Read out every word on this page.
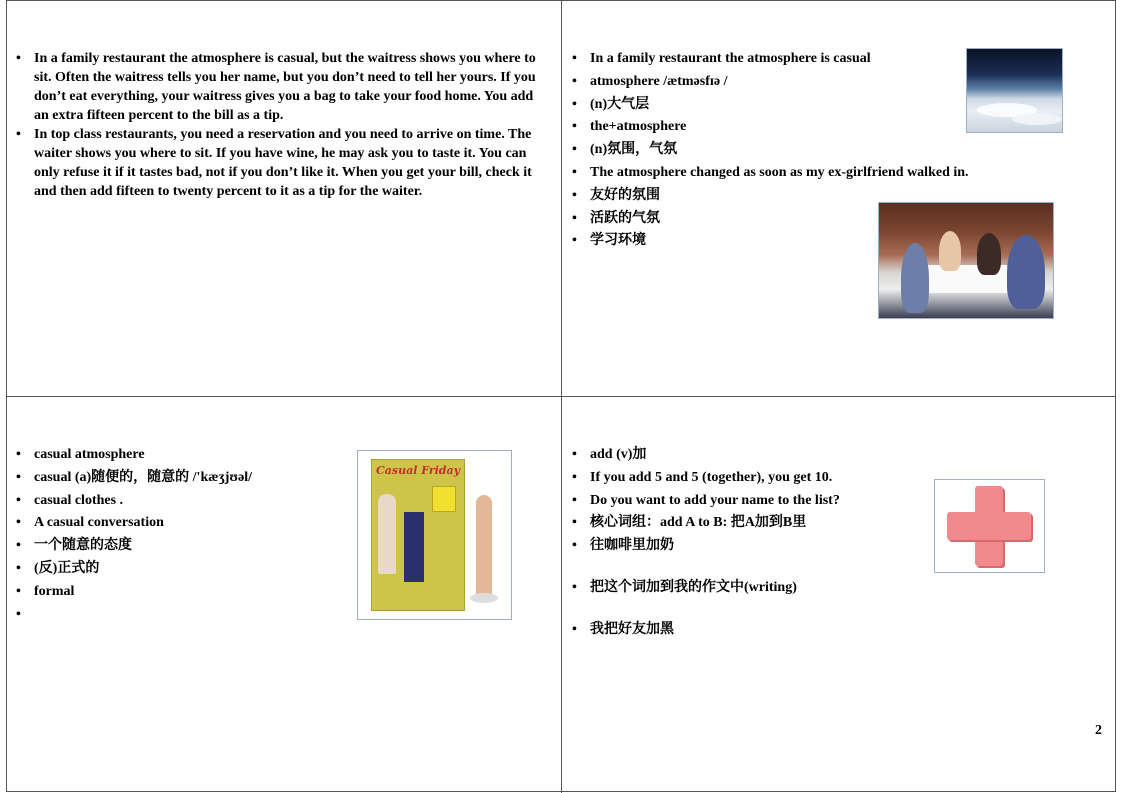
• In a family restaurant the atmosphere is casual, but the waitress shows you where to sit. Often the waitress tells you her name, but you don’t need to tell her yours. If you don’t eat everything, your waitress gives you a bag to take your food home. You add an extra fifteen percent to the bill as a tip.
• In top class restaurants, you need a reservation and you need to arrive on time. The waiter shows you where to sit. If you have wine, he may ask you to taste it. You can only refuse it if it tastes bad, not if you don’t like it. When you get your bill, check it and then add fifteen to twenty percent to it as a tip for the waiter.
• In a family restaurant the atmosphere is casual
• atmosphere /ætməsfɪə /
• (n)大气层
• the+atmosphere
• (n)氛围，气氛
• The atmosphere changed as soon as my ex-girlfriend walked in.
• 友好的氛围
• 活跃的气氛
• 学习环境
• casual atmosphere
• casual (a)随便的，随意的 /'kæʒjʊəl/
• casual clothes .
• A casual conversation
• 一个随意的态度
• (反)正式的
• formal
Casual Friday
• add (v)加
• If you add 5 and 5 (together), you get 10.
• Do you want to add your name to the list?
• 核心词组：add A to B: 把A加到B里
• 往咖啡里加奶
• 把这个词加到我的作文中(writing)
• 我把好友加黑
2
